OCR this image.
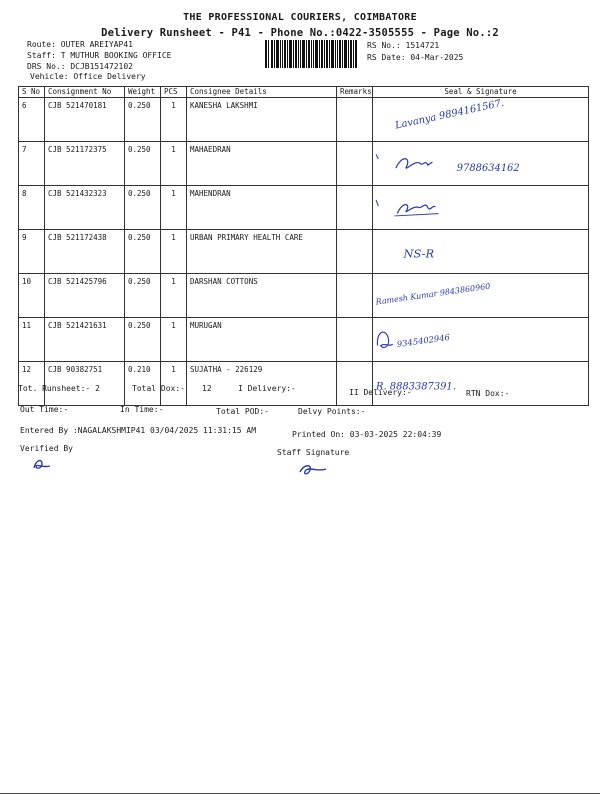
THE PROFESSIONAL COURIERS, COIMBATORE
Delivery Runsheet - P41 - Phone No.:0422-3505555 - Page No.:2
Route: OUTER AREIYAP41
Staff: T MUTHUR BOOKING OFFICE
DRS No.: DCJB151472102
Vehicle: Office Delivery
RS No.: 1514721
RS Date: 04-Mar-2025
S No	Consignment No	Weight	PCS	Consignee Details	Remarks	Seal & Signature
6	CJB 521470181	0.250	1	KANESHA LAKSHMI		Lavanya 9894161567.

7	CJB 521172375	0.250	1	MAHAEDRAN		9788634162

8	CJB 521432323	0.250	1	MAHENDRAN		

9	CJB 521172438	0.250	1	URBAN PRIMARY HEALTH CARE		NS-R

10	CJB 521425796	0.250	1	DARSHAN COTTONS		Ramesh Kumar 9843860960

11	CJB 521421631	0.250	1	MURUGAN		9345402946

12	CJB 90382751	0.210	1	SUJATHA - 226129		R. 8883387391.
Tot. Runsheet:- 2	Total Dox:- 12	I Delivery:-	II Delivery:-	RTN Dox:-
Out Time:-	In Time:-	Total POD:-	Delvy Points:-
Entered By :NAGALAKSHMIP41 03/04/2025 11:31:15 AM	Printed On: 03-03-2025 22:04:39
Verified By	Staff Signature
